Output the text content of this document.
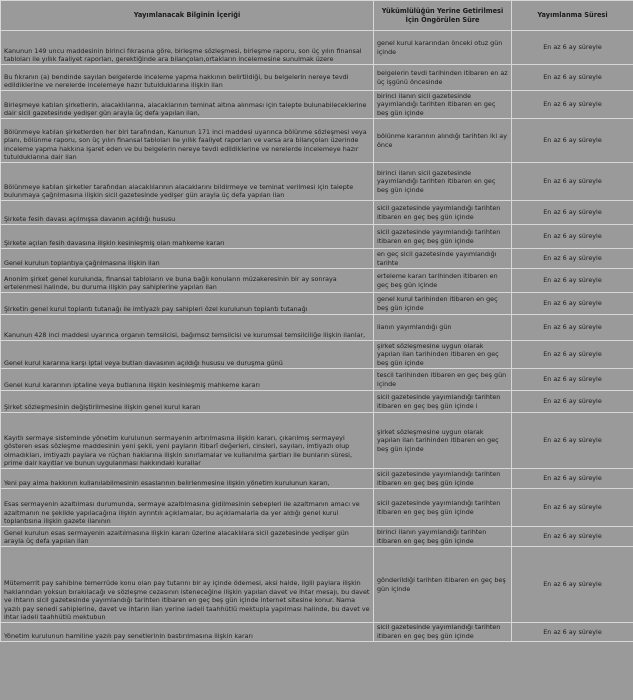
Yayımlanacak Bilginin İçeriği	Yükümlülüğün Yerine Getirilmesi İçin Öngörülen Süre	Yayımlanma Süresi
Kanunun 149 uncu maddesinin birinci fıkrasına göre, birleşme sözleşmesi, birleşme raporu, son üç yılın finansal tabloları ile yıllık faaliyet raporları, gerektiğinde ara bilançoları,ortakların incelemesine sunulmak üzere	genel kurul kararından önceki otuz gün içinde	En az 6 ay süreyle
Bu fıkranın (a) bendinde sayılan belgelerde inceleme yapma hakkının belirtildiği, bu belgelerin nereye tevdi edildiklerine ve nerelerde incelemeye hazır tutulduklarına ilişkin ilan	belgelerin tevdi tarihinden itibaren en az üç işgünü öncesinde	En az 6 ay süreyle
Birleşmeye katılan şirketlerin, alacaklılarına, alacaklarının teminat altına alınması için talepte bulunabileceklerine dair sicil gazetesinde yedişer gün arayla üç defa yapılan ilan,	birinci ilanın sicil gazetesinde yayımlandığı tarihten itibaren en geç beş gün içinde	En az 6 ay süreyle
Bölünmeye katılan şirketlerden her biri tarafından, Kanunun 171 inci maddesi uyarınca bölünme sözleşmesi veya planı, bölünme raporu, son üç yılın finansal tabloları ile yıllık faaliyet raporları ve varsa ara bilançoları üzerinde inceleme yapma hakkına işaret eden ve bu belgelerin nereye tevdi edildiklerine ve nerelerde incelemeye hazır tutulduklarına dair ilan	bölünme kararının alındığı tarihten iki ay önce	En az 6 ay süreyle
Bölünmeye katılan şirketler tarafından alacaklılarının alacaklarını bildirmeye ve teminat verilmesi için talepte bulunmaya çağrılmasına ilişkin sicil gazetesinde yedişer gün arayla üç defa yapılan ilan	birinci ilanın sicil gazetesinde yayımlandığı tarihten itibaren en geç beş gün içinde	En az 6 ay süreyle
Şirkete fesih davası açılmışsa davanın açıldığı hususu	sicil gazetesinde yayımlandığı tarihten itibaren en geç beş gün içinde	En az 6 ay süreyle
Şirkete açılan fesih davasına ilişkin kesinleşmiş olan mahkeme kararı	sicil gazetesinde yayımlandığı tarihten itibaren en geç beş gün içinde	En az 6 ay süreyle
Genel kurulun toplantıya çağrılmasına ilişkin ilan	en geç sicil gazetesinde yayımlandığı tarihte	En az 6 ay süreyle
Anonim şirket genel kurulunda, finansal tabloların ve buna bağlı konuların müzakeresinin bir ay sonraya ertelenmesi halinde, bu duruma ilişkin pay sahiplerine yapılan ilan	erteleme kararı tarihinden itibaren en geç beş gün içinde	En az 6 ay süreyle
Şirketin genel kurul toplantı tutanağı ile imtiyazlı pay sahipleri özel kurulunun toplantı tutanağı	genel kurul tarihinden itibaren en geç beş gün içinde	En az 6 ay süreyle
Kanunun 428 inci maddesi uyarınca organın temsilcisi, bağımsız temsilcisi ve kurumsal temsilciliğe ilişkin ilanlar,	ilanın yayımlandığı gün	En az 6 ay süreyle
Genel kurul kararına karşı iptal veya butlan davasının açıldığı hususu ve duruşma günü	şirket sözleşmesine uygun olarak yapılan ilan tarihinden itibaren en geç beş gün içinde	En az 6 ay süreyle
Genel kurul kararının iptaline veya butlanına ilişkin kesinleşmiş mahkeme kararı	tescil tarihinden itibaren en geç beş gün içinde	En az 6 ay süreyle
Şirket sözleşmesinin değiştirilmesine ilişkin genel kurul kararı	sicil gazetesinde yayımlandığı tarihten itibaren en geç beş gün içinde i	En az 6 ay süreyle
Kayıtlı sermaye sisteminde yönetim kurulunun sermayenin artırılmasına ilişkin kararı, çıkarılmış sermayeyi gösteren esas sözleşme maddesinin yeni şekli, yeni payların itibarî değerleri, cinsleri, sayıları, imtiyazlı olup olmadıkları, imtiyazlı paylara ve rüçhan haklarına ilişkin sınırlamalar ve kullanılma şartları ile bunların süresi, prime dair kayıtlar ve bunun uygulanması hakkındaki kurallar	şirket sözleşmesine uygun olarak yapılan ilan tarihinden itibaren en geç beş gün içinde	En az 6 ay süreyle
Yeni pay alma hakkının kullanılabilmesinin esaslarının belirlenmesine ilişkin yönetim kurulunun kararı,	sicil gazetesinde yayımlandığı tarihten itibaren en geç beş gün içinde	En az 6 ay süreyle
Esas sermayenin azaltılması durumunda, sermaye azaltılmasına gidilmesinin sebepleri ile azaltmanın amacı ve azaltmanın ne şekilde yapılacağına ilişkin ayrıntılı açıklamalar, bu açıklamalarla da yer aldığı genel kurul toplantısına ilişkin gazete ilanının	sicil gazetesinde yayımlandığı tarihten itibaren en geç beş gün içinde	En az 6 ay süreyle
Genel kurulun esas sermayenin azaltılmasına ilişkin kararı üzerine alacaklılara sicil gazetesinde yedişer gün arayla üç defa yapılan ilan	birinci ilanın yayımlandığı tarihten itibaren en geç beş gün içinde	En az 6 ay süreyle
Mütemerrit pay sahibine temerrüde konu olan pay tutarını bir ay içinde ödemesi, aksi halde, ilgili paylara ilişkin haklarından yoksun bırakılacağı ve sözleşme cezasının isteneceğine ilişkin yapılan davet ve ihtar mesajı, bu davet ve ihtarın sicil gazetesinde yayımlandığı tarihten itibaren en geç beş gün içinde internet sitesine konur. Nama yazılı pay senedi sahiplerine, davet ve ihtarın ilan yerine iadeli taahhütlü mektupla yapılması halinde, bu davet ve ihtar iadeli taahhütlü mektubun	gönderildiği tarihten itibaren en geç beş gün içinde	En az 6 ay süreyle
Yönetim kurulunun hamiline yazılı pay senetlerinin bastırılmasına ilişkin kararı	sicil gazetesinde yayımlandığı tarihten itibaren en geç beş gün içinde	En az 6 ay süreyle
